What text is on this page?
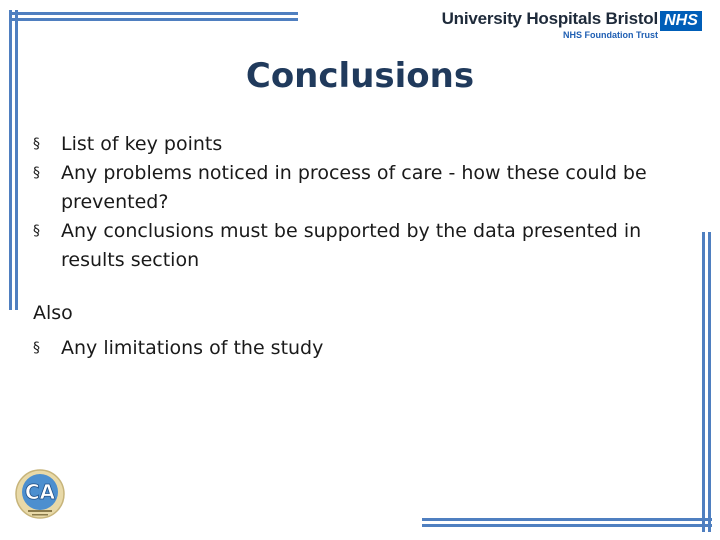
University Hospitals Bristol
NHS Foundation Trust
NHS
Conclusions

§ List of key points

§ Any problems noticed in process of care - how these could be prevented?

§ Any conclusions must be supported by the data presented in results section

Also

§ Any limitations of the study

CA
